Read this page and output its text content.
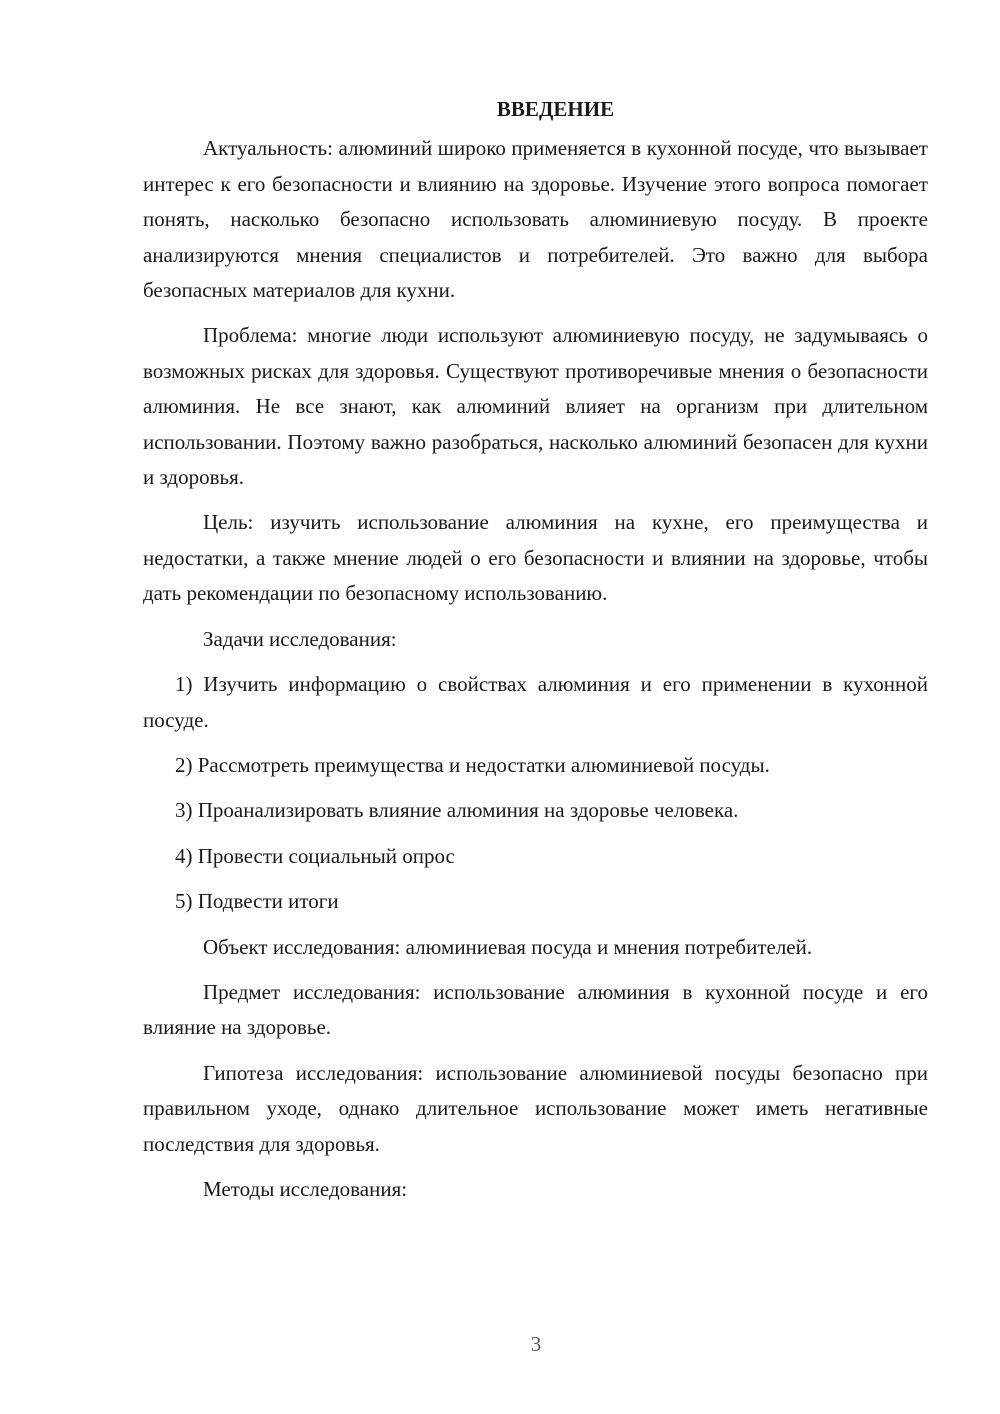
ВВЕДЕНИЕ

Актуальность: алюминий широко применяется в кухонной посуде, что вызывает интерес к его безопасности и влиянию на здоровье. Изучение этого вопроса помогает понять, насколько безопасно использовать алюминиевую посуду. В проекте анализируются мнения специалистов и потребителей. Это важно для выбора безопасных материалов для кухни.

Проблема: многие люди используют алюминиевую посуду, не задумываясь о возможных рисках для здоровья. Существуют противоречивые мнения о безопасности алюминия. Не все знают, как алюминий влияет на организм при длительном использовании. Поэтому важно разобраться, насколько алюминий безопасен для кухни и здоровья.

Цель: изучить использование алюминия на кухне, его преимущества и недостатки, а также мнение людей о его безопасности и влиянии на здоровье, чтобы дать рекомендации по безопасному использованию.

Задачи исследования:

1) Изучить информацию о свойствах алюминия и его применении в кухонной посуде.

2) Рассмотреть преимущества и недостатки алюминиевой посуды.

3) Проанализировать влияние алюминия на здоровье человека.

4) Провести социальный опрос

5) Подвести итоги

Объект исследования: алюминиевая посуда и мнения потребителей.

Предмет исследования: использование алюминия в кухонной посуде и его влияние на здоровье.

Гипотеза исследования: использование алюминиевой посуды безопасно при правильном уходе, однако длительное использование может иметь негативные последствия для здоровья.

Методы исследования:

3
